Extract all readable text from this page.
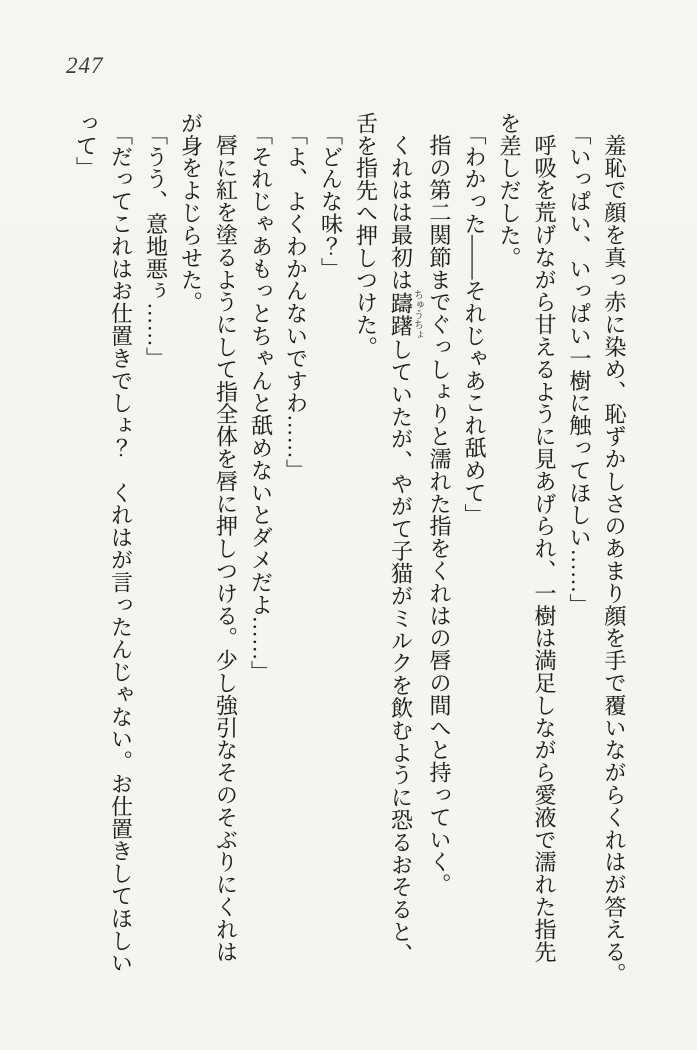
247

羞恥で顔を真っ赤に染め、恥ずかしさのあまり顔を手で覆いながらくれはが答える。

「いっぱい、いっぱい一樹に触ってほしい……」

呼吸を荒げながら甘えるように見あげられ、一樹は満足しながら愛液で濡れた指先
を差しだした。

「わかった――それじゃあこれ舐めて」

指の第二関節までぐっしょりと濡れた指をくれはの唇の間へと持っていく。

くれはは最初は躊躇ちゅうちょしていたが、やがて子猫がミルクを飲むように恐るおそると、
舌を指先へ押しつけた。

「どんな味？」

「よ、よくわかんないですわ……」

「それじゃあもっとちゃんと舐めないとダメだよ……」

唇に紅を塗るようにして指全体を唇に押しつける。少し強引なそのそぶりにくれは
が身をよじらせた。

「うう、意地悪ぅ……」

「だってこれはお仕置きでしょ？　くれはが言ったんじゃない。お仕置きしてほしい
って」
